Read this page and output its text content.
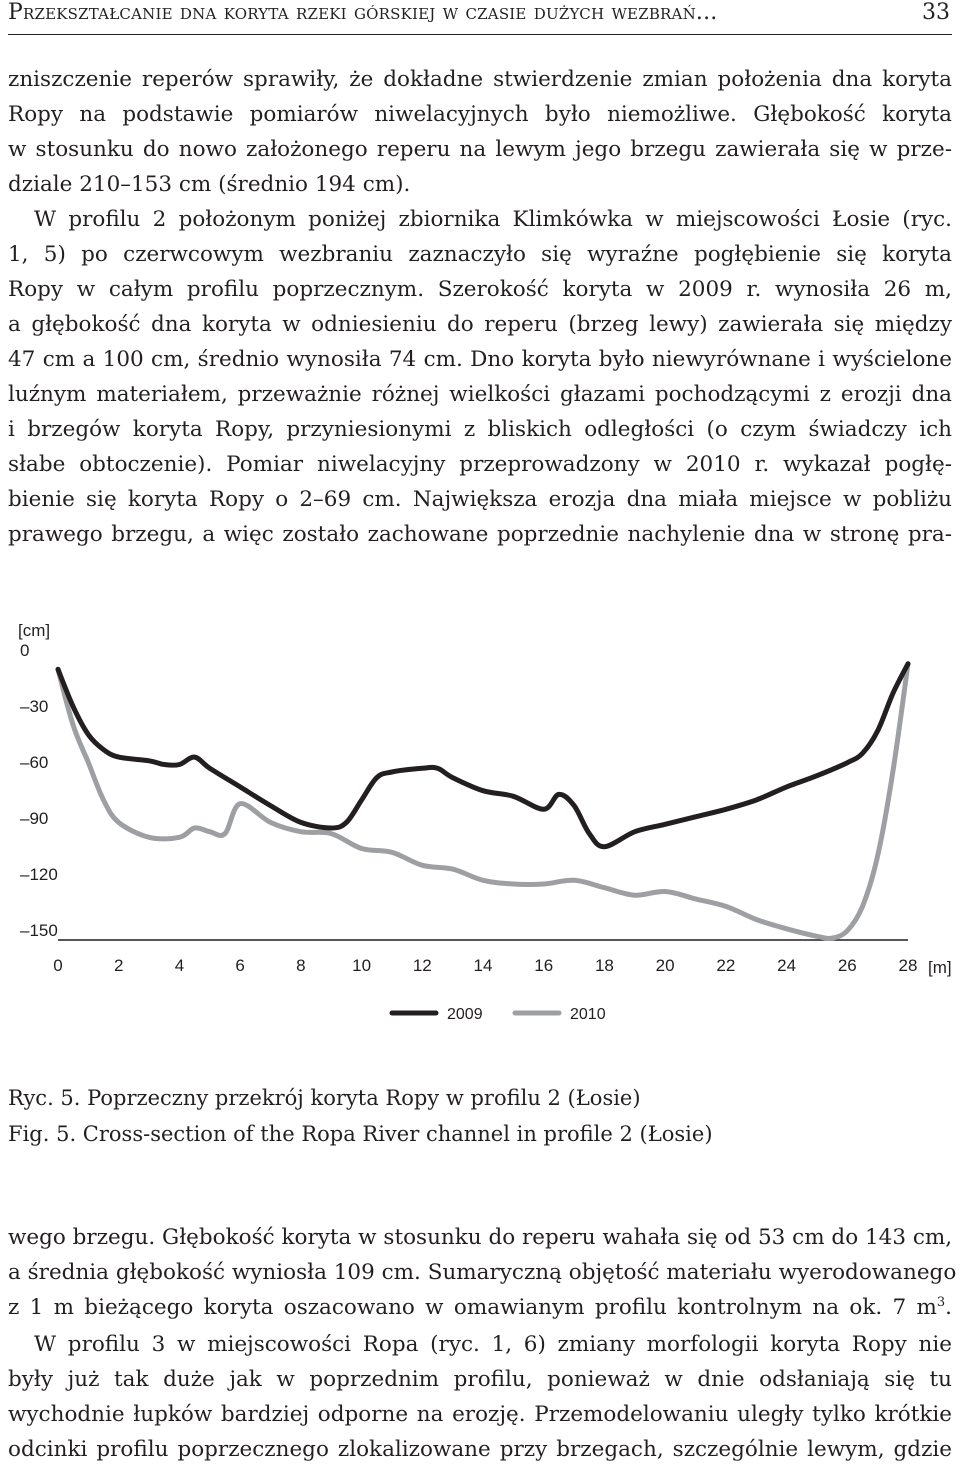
Przekształcanie dna koryta rzeki górskiej w czasie dużych wezbrań...	33
zniszczenie reperów sprawiły, że dokładne stwierdzenie zmian położenia dna koryta
Ropy na podstawie pomiarów niwelacyjnych było niemożliwe. Głębokość koryta
w stosunku do nowo założonego reperu na lewym jego brzegu zawierała się w prze-
dziale 210–153 cm (średnio 194 cm).
W profilu 2 położonym poniżej zbiornika Klimkówka w miejscowości Łosie (ryc.
1, 5) po czerwcowym wezbraniu zaznaczyło się wyraźne pogłębienie się koryta
Ropy w całym profilu poprzecznym. Szerokość koryta w 2009 r. wynosiła 26 m,
a głębokość dna koryta w odniesieniu do reperu (brzeg lewy) zawierała się między
47 cm a 100 cm, średnio wynosiła 74 cm. Dno koryta było niewyrównane i wyścielone
luźnym materiałem, przeważnie różnej wielkości głazami pochodzącymi z erozji dna
i brzegów koryta Ropy, przyniesionymi z bliskich odległości (o czym świadczy ich
słabe obtoczenie). Pomiar niwelacyjny przeprowadzony w 2010 r. wykazał pogłę-
bienie się koryta Ropy o 2–69 cm. Największa erozja dna miała miejsce w pobliżu
prawego brzegu, a więc zostało zachowane poprzednie nachylenie dna w stronę pra-
[cm]
0
–30
–60
–90
–120
–150
0	2	4	6	8	10 12 14 16 18 20 22 24 26 28 [m]
2009	2010
Ryc. 5. Poprzeczny przekrój koryta Ropy w profilu 2 (Łosie)
Fig. 5. Cross-section of the Ropa River channel in profile 2 (Łosie)
wego brzegu. Głębokość koryta w stosunku do reperu wahała się od 53 cm do 143 cm,
a średnia głębokość wyniosła 109 cm. Sumaryczną objętość materiału wyerodowanego
z 1 m bieżącego koryta oszacowano w omawianym profilu kontrolnym na ok. 7 $m^3$.
W profilu 3 w miejscowości Ropa (ryc. 1, 6) zmiany morfologii koryta Ropy nie
były już tak duże jak w poprzednim profilu, ponieważ w dnie odsłaniają się tu
wychodnie łupków bardziej odporne na erozję. Przemodelowaniu uległy tylko krótkie
odcinki profilu poprzecznego zlokalizowane przy brzegach, szczególnie lewym, gdzie
